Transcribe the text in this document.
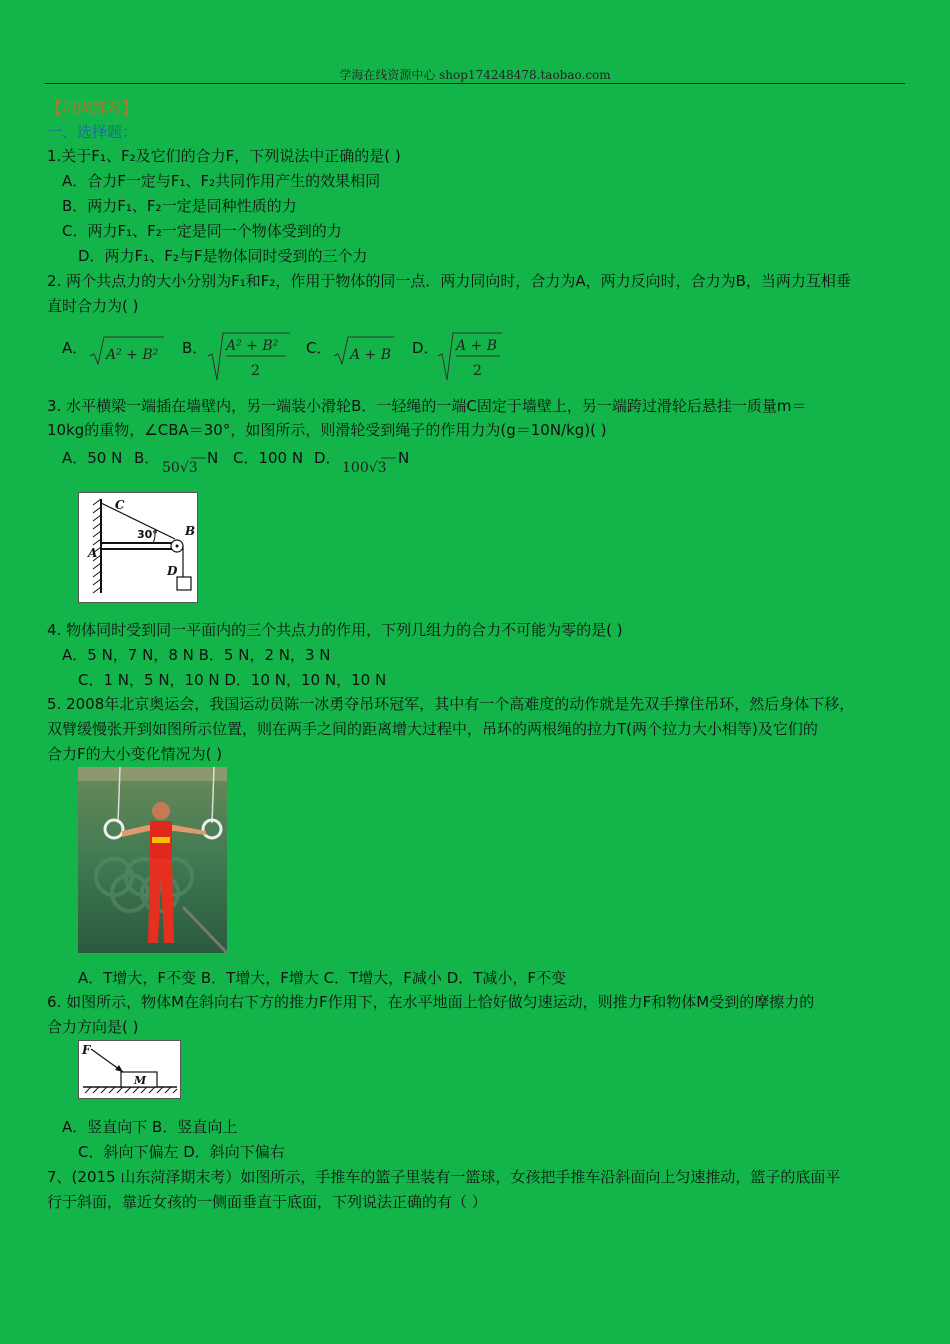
学海在线资源中心 shop174248478.taobao.com
【巩固练习】
一、选择题：
1.关于F₁、F₂及它们的合力F，下列说法中正确的是( )
A．合力F一定与F₁、F₂共同作用产生的效果相同
B．两力F₁、F₂一定是同种性质的力
C．两力F₁、F₂一定是同一个物体受到的力
D．两力F₁、F₂与F是物体同时受到的三个力
2. 两个共点力的大小分别为F₁和F₂，作用于物体的同一点．两力同向时，合力为A，两力反向时，合力为B，当两力互相垂
直时合力为( )
A． A² + B² B． A² + B²
2
C． A + B D． A + B
2
3. 水平横梁一端插在墙壁内，另一端装小滑轮B．一轻绳的一端C固定于墙壁上，另一端跨过滑轮后悬挂一质量m＝
10kg的重物，∠CBA＝30°，如图所示，则滑轮受到绳子的作用力为(g＝10N/kg)( )
A．50 N B．
50√3
N C．100 N D．
100√3
N
C
B
A
D
30°
4. 物体同时受到同一平面内的三个共点力的作用，下列几组力的合力不可能为零的是( )
A．5 N，7 N，8 N B．5 N，2 N，3 N
C．1 N，5 N，10 N D．10 N，10 N，10 N
5. 2008年北京奥运会，我国运动员陈一冰勇夺吊环冠军，其中有一个高难度的动作就是先双手撑住吊环，然后身体下移，
双臂缓慢张开到如图所示位置，则在两手之间的距离增大过程中，吊环的两根绳的拉力T(两个拉力大小相等)及它们的
合力F的大小变化情况为( )
A．T增大，F不变 B．T增大，F增大 C．T增大，F减小 D．T减小，F不变
6. 如图所示，物体M在斜向右下方的推力F作用下，在水平地面上恰好做匀速运动，则推力F和物体M受到的摩擦力的
合力方向是( )
F
M
A．竖直向下 B．竖直向上
C．斜向下偏左 D．斜向下偏右
7、(2015 山东菏泽期末考）如图所示，手推车的篮子里装有一篮球，女孩把手推车沿斜面向上匀速推动，篮子的底面平
行于斜面，靠近女孩的一侧面垂直于底面，下列说法正确的有（ ）
